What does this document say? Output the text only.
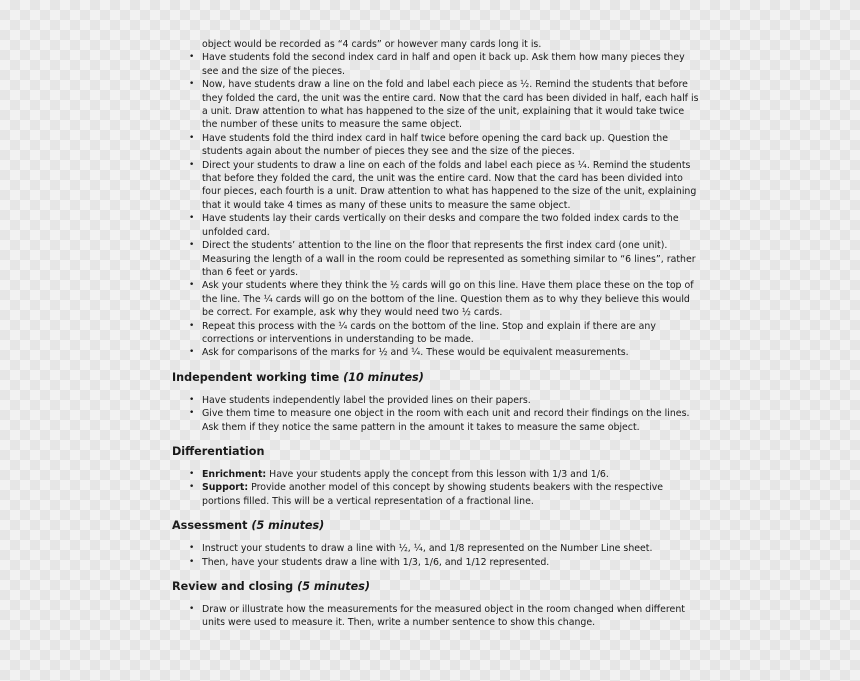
object would be recorded as “4 cards” or however many cards long it is.

• Have students fold the second index card in half and open it back up. Ask them how many pieces they

see and the size of the pieces.

• Now, have students draw a line on the fold and label each piece as ½. Remind the students that before

they folded the card, the unit was the entire card. Now that the card has been divided in half, each half is

a unit. Draw attention to what has happened to the size of the unit, explaining that it would take twice

the number of these units to measure the same object.

• Have students fold the third index card in half twice before opening the card back up. Question the

students again about the number of pieces they see and the size of the pieces.

• Direct your students to draw a line on each of the folds and label each piece as ¼. Remind the students

that before they folded the card, the unit was the entire card. Now that the card has been divided into

four pieces, each fourth is a unit. Draw attention to what has happened to the size of the unit, explaining

that it would take 4 times as many of these units to measure the same object.

• Have students lay their cards vertically on their desks and compare the two folded index cards to the

unfolded card.

• Direct the students’ attention to the line on the floor that represents the first index card (one unit).

Measuring the length of a wall in the room could be represented as something similar to “6 lines”, rather

than 6 feet or yards.

• Ask your students where they think the ½ cards will go on this line. Have them place these on the top of

the line. The ¼ cards will go on the bottom of the line. Question them as to why they believe this would

be correct. For example, ask why they would need two ½ cards.

• Repeat this process with the ¼ cards on the bottom of the line. Stop and explain if there are any

corrections or interventions in understanding to be made.

• Ask for comparisons of the marks for ½ and ¼. These would be equivalent measurements.

Independent working time (10 minutes)

• Have students independently label the provided lines on their papers.

• Give them time to measure one object in the room with each unit and record their findings on the lines.

Ask them if they notice the same pattern in the amount it takes to measure the same object.

Differentiation

• Enrichment: Have your students apply the concept from this lesson with 1/3 and 1/6.

• Support: Provide another model of this concept by showing students beakers with the respective

portions filled. This will be a vertical representation of a fractional line.

Assessment (5 minutes)

• Instruct your students to draw a line with ½, ¼, and 1/8 represented on the Number Line sheet.

• Then, have your students draw a line with 1/3, 1/6, and 1/12 represented.

Review and closing (5 minutes)

• Draw or illustrate how the measurements for the measured object in the room changed when different

units were used to measure it. Then, write a number sentence to show this change.
